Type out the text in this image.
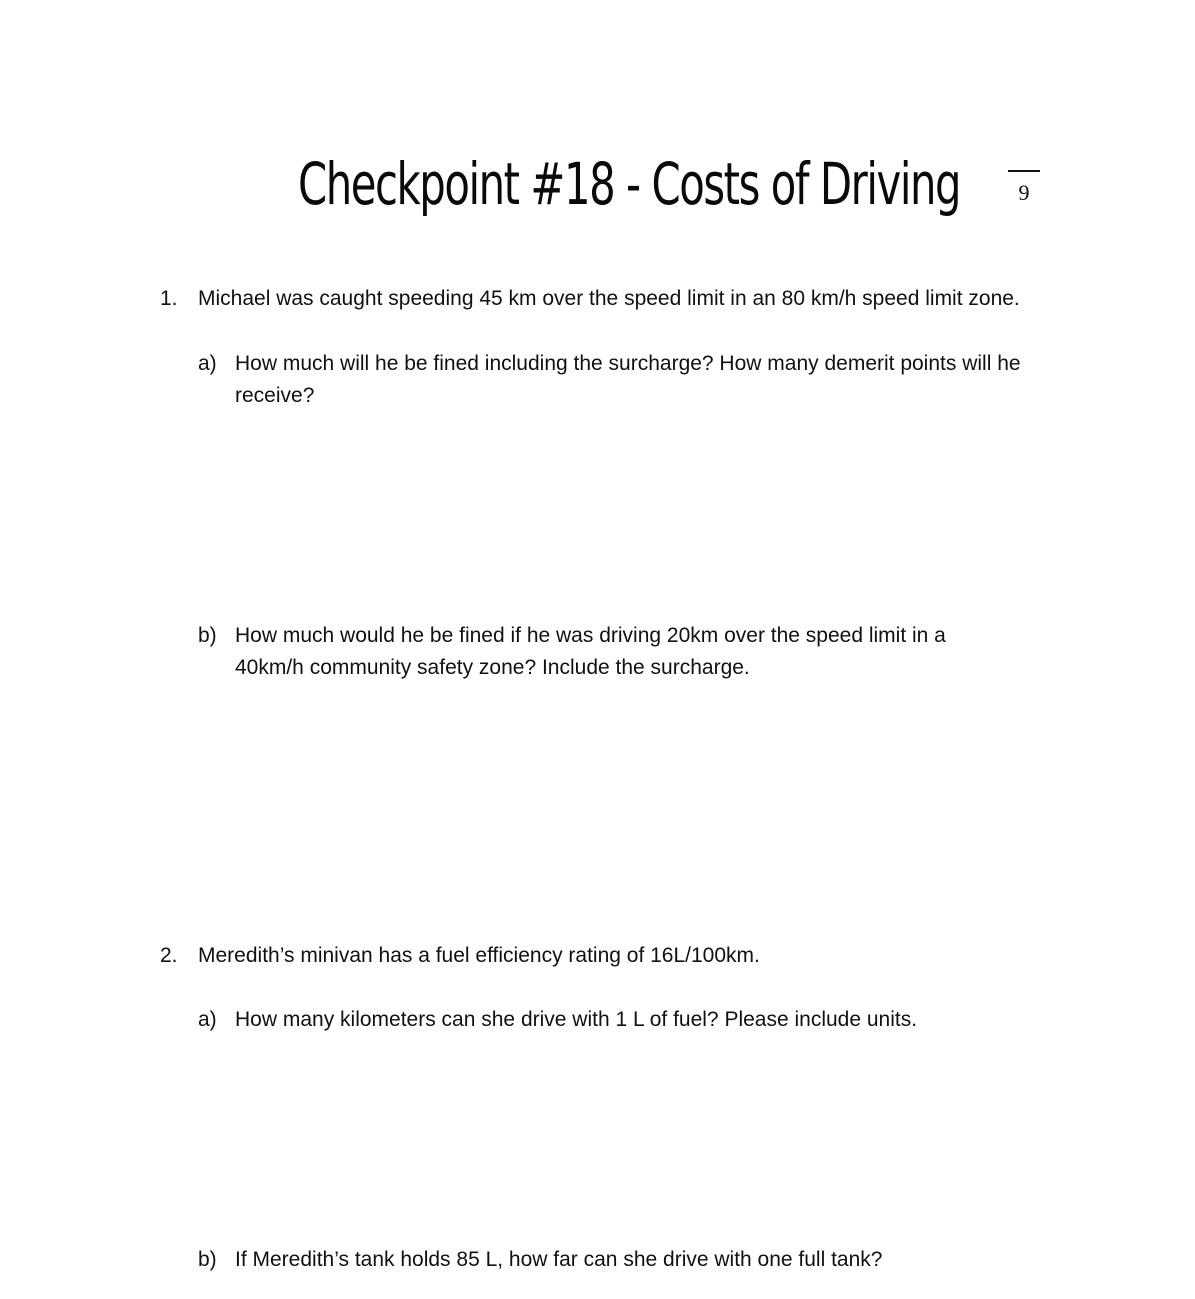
Checkpoint #18 - Costs of Driving	9
1. Michael was caught speeding 45 km over the speed limit in an 80 km/h speed limit zone.
a) How much will he be fined including the surcharge? How many demerit points will he receive?
b) How much would he be fined if he was driving 20km over the speed limit in a 40km/h community safety zone? Include the surcharge.
2. Meredith’s minivan has a fuel efficiency rating of 16L/100km.
a) How many kilometers can she drive with 1 L of fuel? Please include units.
b) If Meredith’s tank holds 85 L, how far can she drive with one full tank?
